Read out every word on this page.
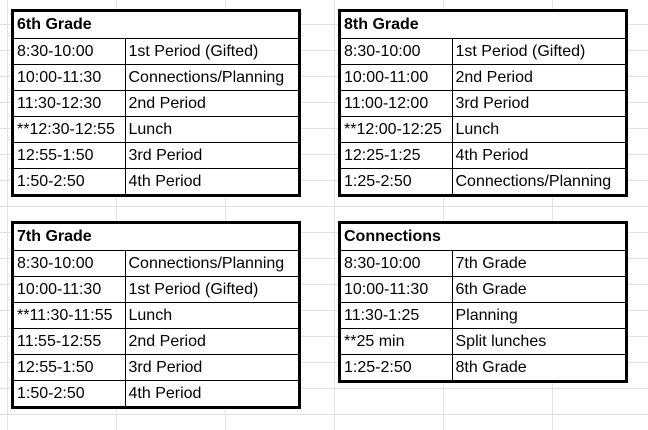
6th Grade	
8:30-10:00	1st Period (Gifted)
10:00-11:30	Connections/Planning
11:30-12:30	2nd Period
**12:30-12:55	Lunch
12:55-1:50	3rd Period
1:50-2:50	4th Period
8th Grade	
8:30-10:00	1st Period (Gifted)
10:00-11:00	2nd Period
11:00-12:00	3rd Period
**12:00-12:25	Lunch
12:25-1:25	4th Period
1:25-2:50	Connections/Planning
7th Grade	
8:30-10:00	Connections/Planning
10:00-11:30	1st Period (Gifted)
**11:30-11:55	Lunch
11:55-12:55	2nd Period
12:55-1:50	3rd Period
1:50-2:50	4th Period
Connections	
8:30-10:00	7th Grade
10:00-11:30	6th Grade
11:30-1:25	Planning
**25 min	Split lunches
1:25-2:50	8th Grade
